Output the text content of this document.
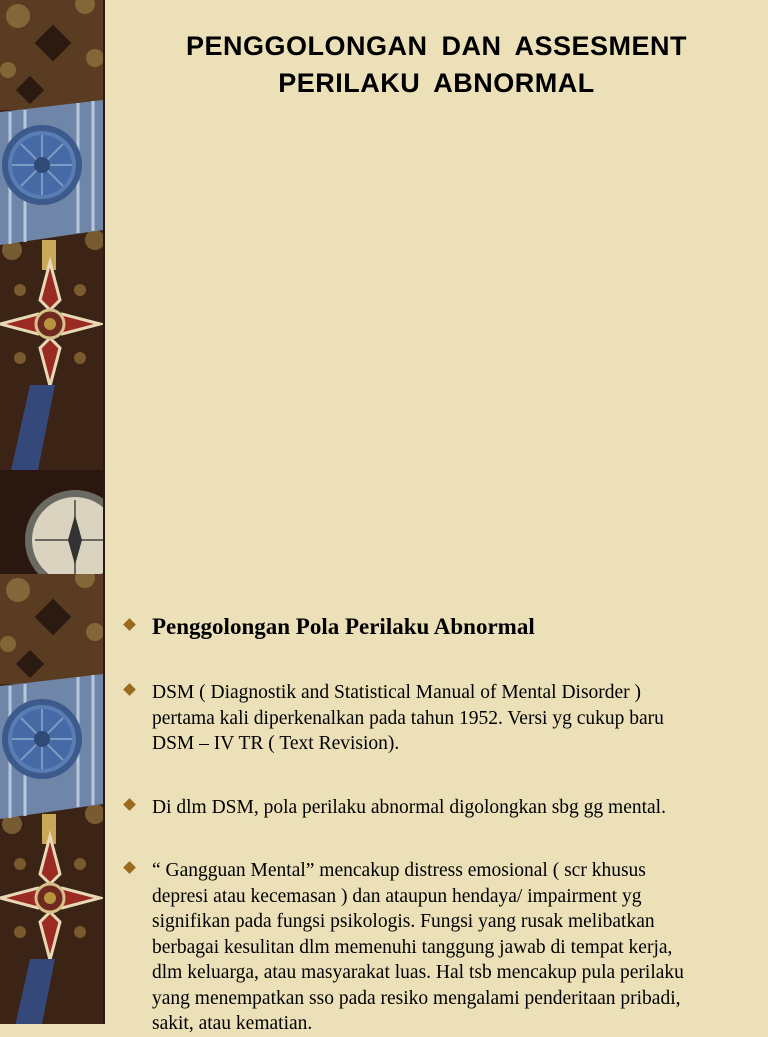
PENGGOLONGAN DAN ASSESMENT
PERILAKU ABNORMAL
Penggolongan Pola Perilaku Abnormal
DSM ( Diagnostik and Statistical Manual of Mental Disorder )
pertama kali diperkenalkan pada tahun 1952. Versi yg cukup baru
DSM – IV TR ( Text Revision).
Di dlm DSM, pola perilaku abnormal digolongkan sbg gg mental.
“ Gangguan Mental” mencakup distress emosional ( scr khusus
depresi atau kecemasan ) dan ataupun hendaya/ impairment yg
signifikan pada fungsi psikologis. Fungsi yang rusak melibatkan
berbagai kesulitan dlm memenuhi tanggung jawab di tempat kerja,
dlm keluarga, atau masyarakat luas. Hal tsb mencakup pula perilaku
yang menempatkan sso pada resiko mengalami penderitaan pribadi,
sakit, atau kematian.
